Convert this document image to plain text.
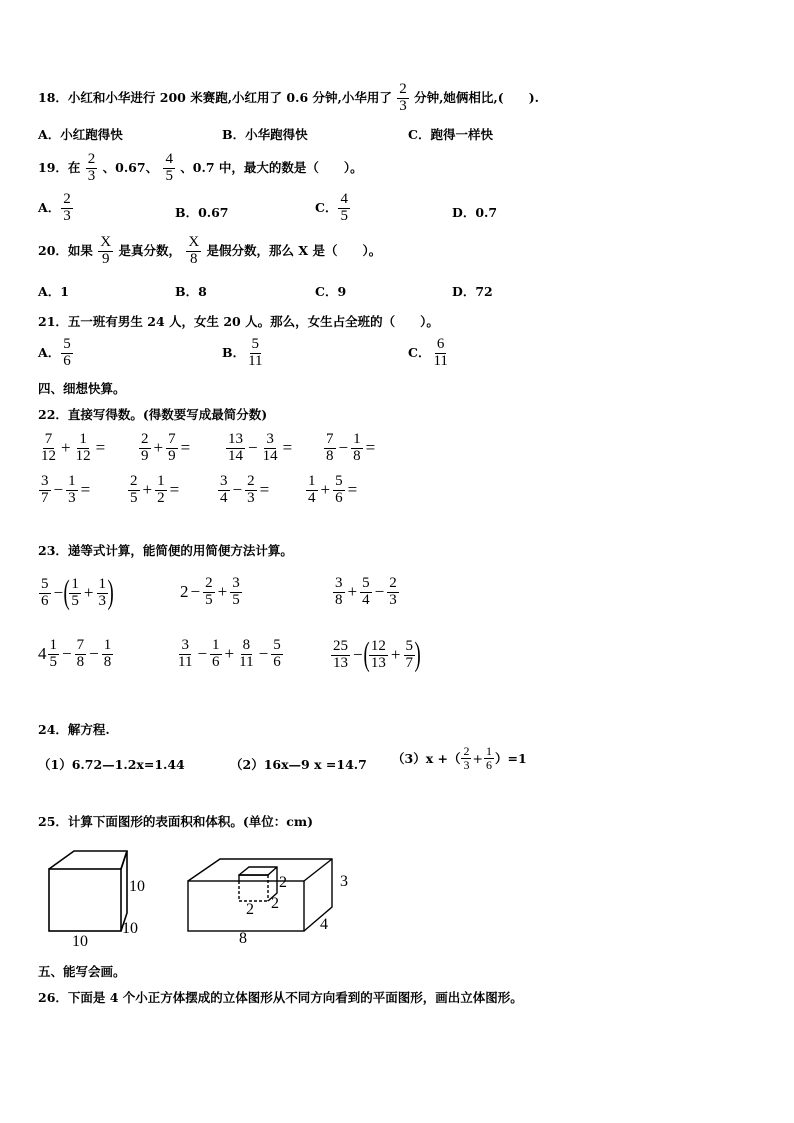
18．小红和小华进行 200 米赛跑,小红用了 0.6 分钟,小华用了 $\frac{2}{3}$ 分钟,她俩相比,(　　).
A．小红跑得快	B．小华跑得快	C．跑得一样快
19．在 $\frac{2}{3}$ 、0.67、 $\frac{4}{5}$ 、0.7 中，最大的数是（　　）。
A． $\frac{2}{3}$	B．0.67	C． $\frac{4}{5}$	D．0.7
20．如果 $\frac{X}{9}$ 是真分数， $\frac{X}{8}$ 是假分数，那么 X 是（　　）。
A．1	B．8	C．9	D．72
21．五一班有男生 24 人，女生 20 人。那么，女生占全班的（　　）。
A． $\frac{5}{6}$	B． $\frac{5}{11}$	C． $\frac{6}{11}$
四、细想快算。
22．直接写得数。(得数要写成最简分数)
$\frac{7}{12} + \frac{1}{12} = \frac{2}{9} + \frac{7}{9} = \frac{13}{14} - \frac{3}{14} = \frac{7}{8} - \frac{1}{8}$ =
$\frac{3}{7} - \frac{1}{3}$ =	$\frac{2}{5} + \frac{1}{2}$ =	$\frac{3}{4} - \frac{2}{3} = \frac{1}{4} + \frac{5}{6}$ =
23．递等式计算，能简便的用简便方法计算。
$\frac{5}{6}$ − ( $\frac{1}{5} + \frac{1}{3}$ )	$2 - \frac{2}{5} + \frac{3}{5}$	$\frac{3}{8} + \frac{5}{4} - \frac{2}{3}$
$4 \frac{1}{5} - \frac{7}{8} - \frac{1}{8}$	$\frac{3}{11} - \frac{1}{6} + \frac{8}{11} - \frac{5}{6}$	$\frac{25}{13}$ − ( $\frac{12}{13} + \frac{5}{7}$ )
24．解方程.
（1）6.72—1.2x=1.44	（2）16x—9 x =14.7 （3）x +（ $\frac{2}{3} + \frac{1}{6} )=1$
25．计算下面图形的表面积和体积。(单位：cm)
10
10
10
2
2
2
3
4
8
五、能写会画。
26．下面是 4 个小正方体摆成的立体图形从不同方向看到的平面图形，画出立体图形。
